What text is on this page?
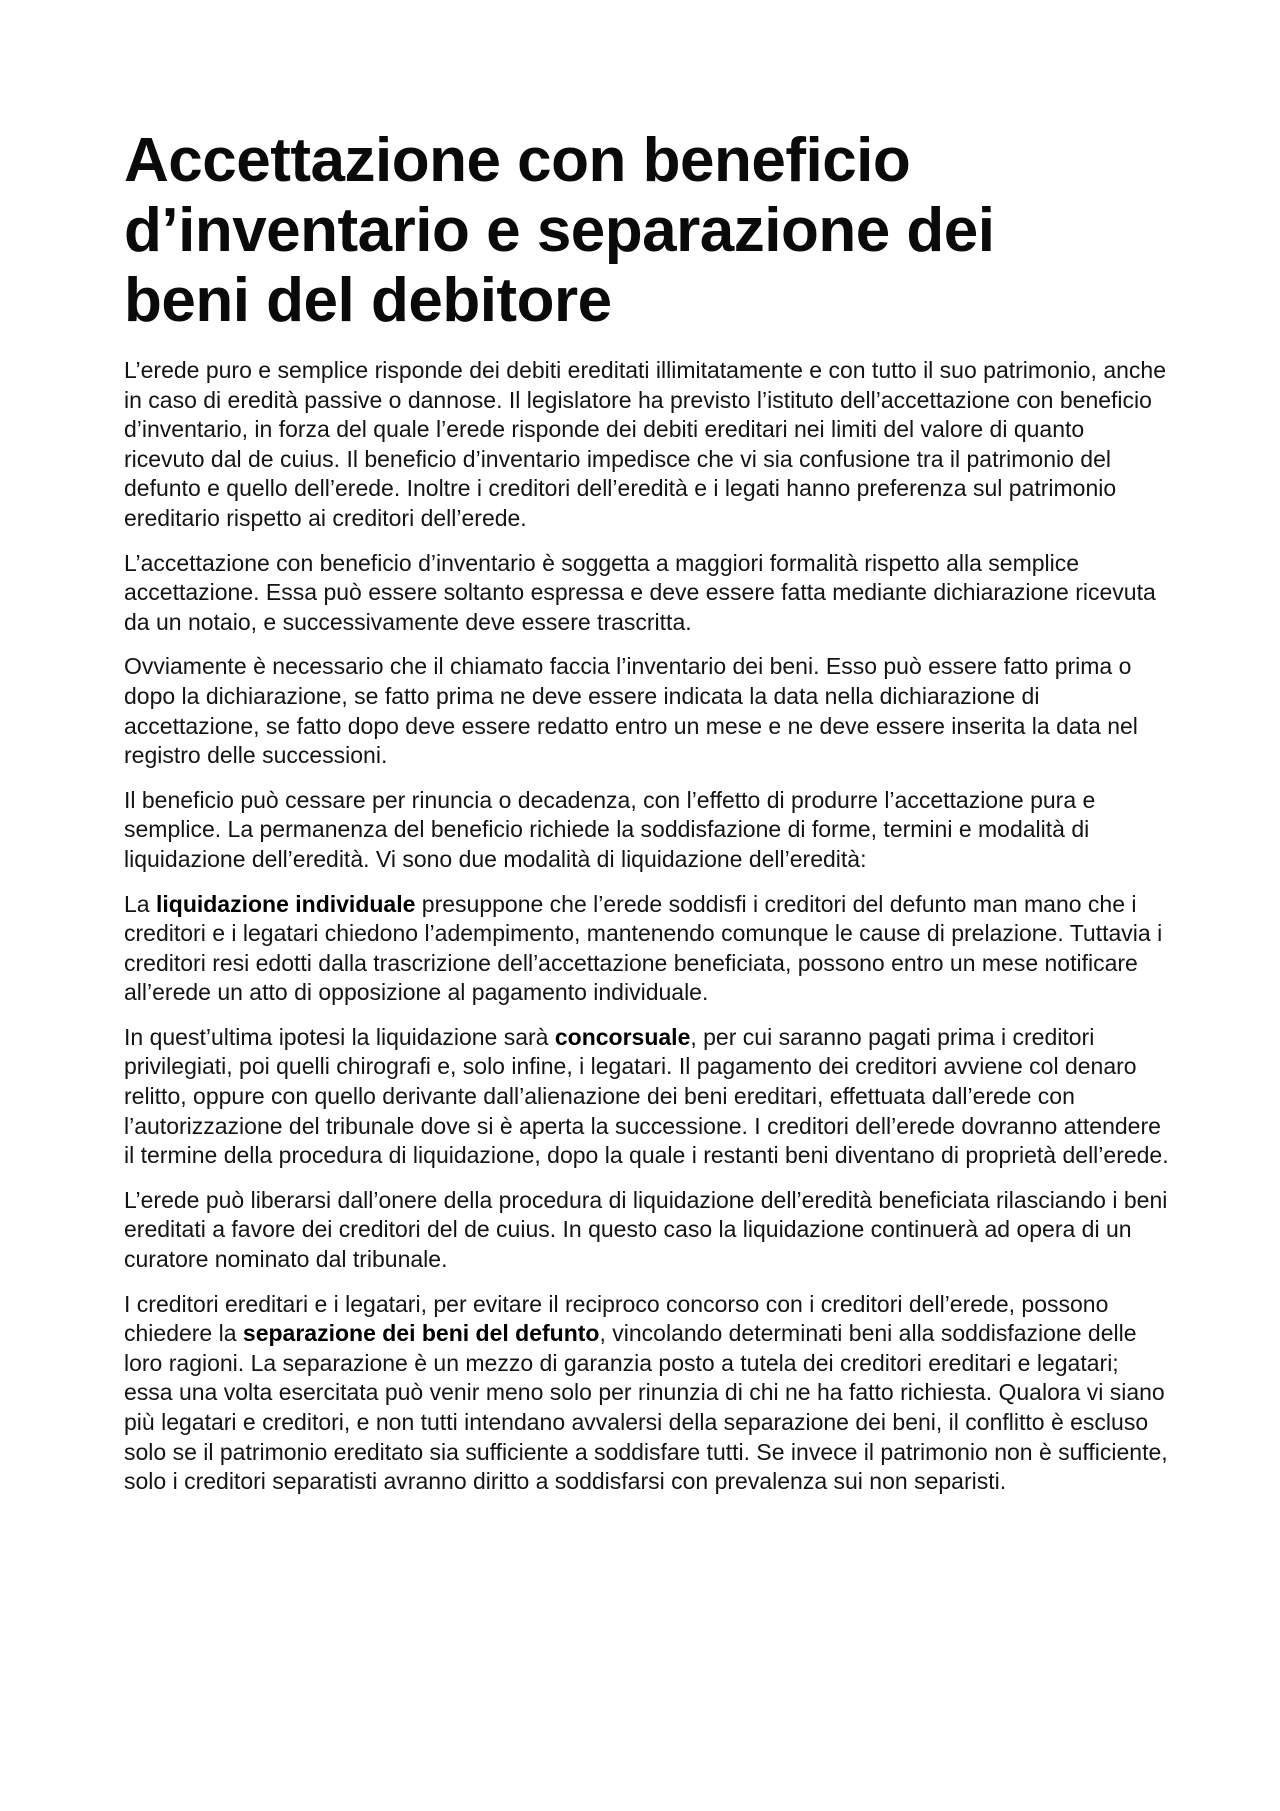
Accettazione con beneficio
d’inventario e separazione dei
beni del debitore

L’erede puro e semplice risponde dei debiti ereditati illimitatamente e con tutto il suo patrimonio, anche in caso di eredità passive o dannose. Il legislatore ha previsto l’istituto dell’accettazione con beneficio d’inventario, in forza del quale l’erede risponde dei debiti ereditari nei limiti del valore di quanto ricevuto dal de cuius. Il beneficio d’inventario impedisce che vi sia confusione tra il patrimonio del defunto e quello dell’erede. Inoltre i creditori dell’eredità e i legati hanno preferenza sul patrimonio ereditario rispetto ai creditori dell’erede.

L’accettazione con beneficio d’inventario è soggetta a maggiori formalità rispetto alla semplice accettazione. Essa può essere soltanto espressa e deve essere fatta mediante dichiarazione ricevuta da un notaio, e successivamente deve essere trascritta.

Ovviamente è necessario che il chiamato faccia l’inventario dei beni. Esso può essere fatto prima o dopo la dichiarazione, se fatto prima ne deve essere indicata la data nella dichiarazione di accettazione, se fatto dopo deve essere redatto entro un mese e ne deve essere inserita la data nel registro delle successioni.

Il beneficio può cessare per rinuncia o decadenza, con l’effetto di produrre l’accettazione pura e semplice. La permanenza del beneficio richiede la soddisfazione di forme, termini e modalità di liquidazione dell’eredità. Vi sono due modalità di liquidazione dell’eredità:

La liquidazione individuale presuppone che l’erede soddisfi i creditori del defunto man mano che i creditori e i legatari chiedono l’adempimento, mantenendo comunque le cause di prelazione. Tuttavia i creditori resi edotti dalla trascrizione dell’accettazione beneficiata, possono entro un mese notificare all’erede un atto di opposizione al pagamento individuale.

In quest’ultima ipotesi la liquidazione sarà concorsuale, per cui saranno pagati prima i creditori privilegiati, poi quelli chirografi e, solo infine, i legatari. Il pagamento dei creditori avviene col denaro relitto, oppure con quello derivante dall’alienazione dei beni ereditari, effettuata dall’erede con l’autorizzazione del tribunale dove si è aperta la successione. I creditori dell’erede dovranno attendere il termine della procedura di liquidazione, dopo la quale i restanti beni diventano di proprietà dell’erede.

L’erede può liberarsi dall’onere della procedura di liquidazione dell’eredità beneficiata rilasciando i beni ereditati a favore dei creditori del de cuius. In questo caso la liquidazione continuerà ad opera di un curatore nominato dal tribunale.

I creditori ereditari e i legatari, per evitare il reciproco concorso con i creditori dell’erede, possono chiedere la separazione dei beni del defunto, vincolando determinati beni alla soddisfazione delle loro ragioni. La separazione è un mezzo di garanzia posto a tutela dei creditori ereditari e legatari; essa una volta esercitata può venir meno solo per rinunzia di chi ne ha fatto richiesta. Qualora vi siano più legatari e creditori, e non tutti intendano avvalersi della separazione dei beni, il conflitto è escluso solo se il patrimonio ereditato sia sufficiente a soddisfare tutti. Se invece il patrimonio non è sufficiente, solo i creditori separatisti avranno diritto a soddisfarsi con prevalenza sui non separisti.
